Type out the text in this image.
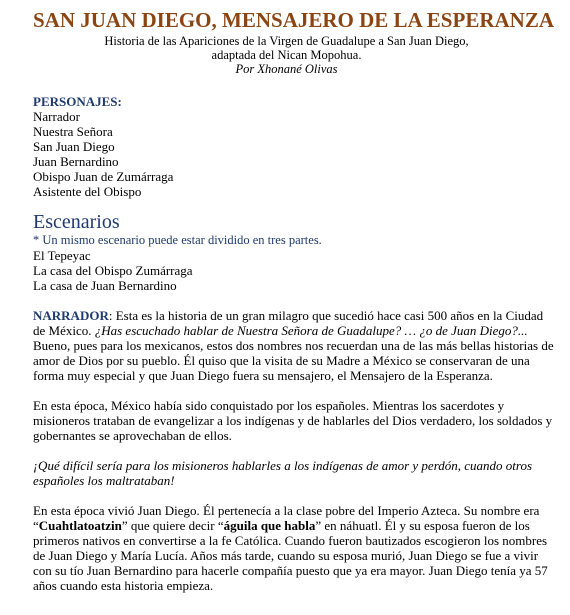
SAN JUAN DIEGO, MENSAJERO DE LA ESPERANZA
Historia de las Apariciones de la Virgen de Guadalupe a San Juan Diego,
adaptada del Nican Mopohua.
Por Xhonané Olivas
PERSONAJES:
Narrador
Nuestra Señora
San Juan Diego
Juan Bernardino
Obispo Juan de Zumárraga
Asistente del Obispo
Escenarios
* Un mismo escenario puede estar dividido en tres partes.
El Tepeyac
La casa del Obispo Zumárraga
La casa de Juan Bernardino

NARRADOR: Esta es la historia de un gran milagro que sucedió hace casi 500 años en la Ciudad de México. ¿Has escuchado hablar de Nuestra Señora de Guadalupe? … ¿o de Juan Diego?... Bueno, pues para los mexicanos, estos dos nombres nos recuerdan una de las más bellas historias de amor de Dios por su pueblo. Él quiso que la visita de su Madre a México se conservaran de una forma muy especial y que Juan Diego fuera su mensajero, el Mensajero de la Esperanza.

En esta época, México había sido conquistado por los españoles. Mientras los sacerdotes y misioneros trataban de evangelizar a los indígenas y de hablarles del Dios verdadero, los soldados y gobernantes se aprovechaban de ellos.

¡Qué difícil sería para los misioneros hablarles a los indígenas de amor y perdón, cuando otros españoles los maltrataban!

En esta época vivió Juan Diego. Él pertenecía a la clase pobre del Imperio Azteca. Su nombre era “Cuahtlatoatzin” que quiere decir “águila que habla” en náhuatl. Él y su esposa fueron de los primeros nativos en convertirse a la fe Católica. Cuando fueron bautizados escogieron los nombres de Juan Diego y María Lucía. Años más tarde, cuando su esposa murió, Juan Diego se fue a vivir con su tío Juan Bernardino para hacerle compañía puesto que ya era mayor. Juan Diego tenía ya 57 años cuando esta historia empieza.
